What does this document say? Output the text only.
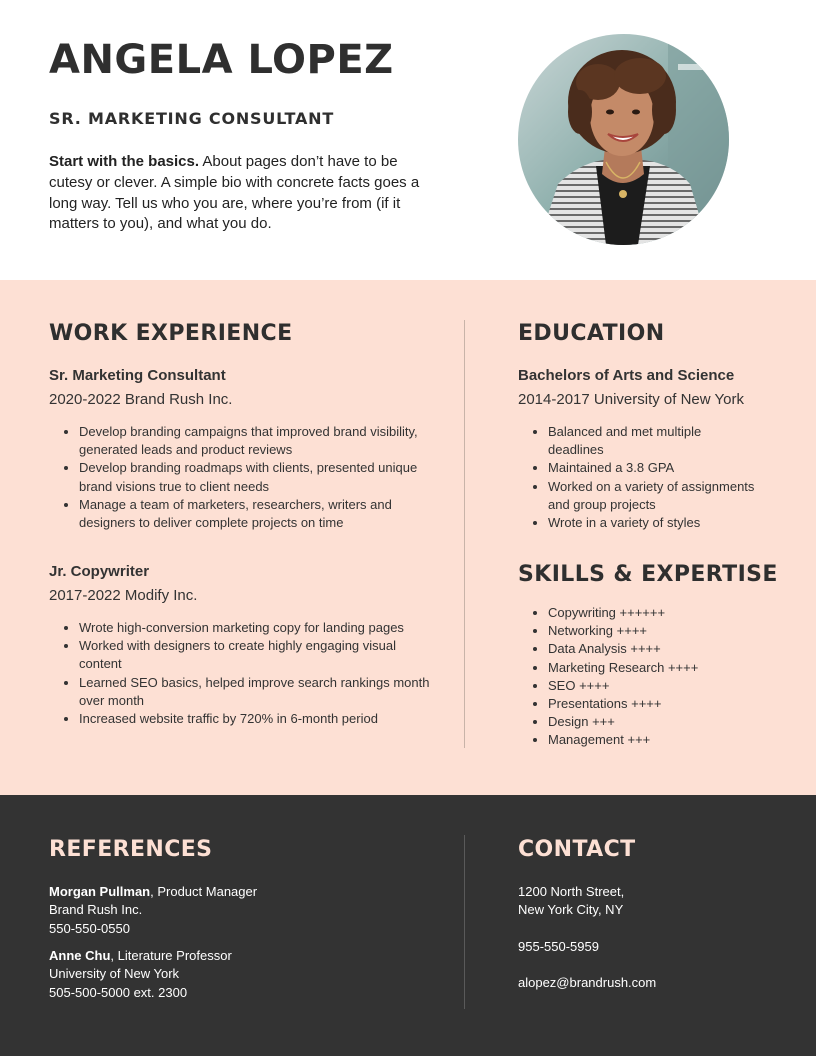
ANGELA LOPEZ
SR. MARKETING CONSULTANT

Start with the basics. About pages don’t have to be cutesy or clever. A simple bio with concrete facts goes a long way. Tell us who you are, where you’re from (if it matters to you), and what you do.

WORK EXPERIENCE

Sr. Marketing Consultant

2020-2022 Brand Rush Inc.

• Develop branding campaigns that improved brand visibility, generated leads and product reviews
• Develop branding roadmaps with clients, presented unique brand visions true to client needs
• Manage a team of marketers, researchers, writers and designers to deliver complete projects on time

Jr. Copywriter

2017-2022 Modify Inc.

• Wrote high-conversion marketing copy for landing pages
• Worked with designers to create highly engaging visual content
• Learned SEO basics, helped improve search rankings month over month
• Increased website traffic by 720% in 6-month period
EDUCATION

Bachelors of Arts and Science

2014-2017 University of New York

• Balanced and met multiple deadlines
• Maintained a 3.8 GPA
• Worked on a variety of assignments and group projects
• Wrote in a variety of styles
SKILLS & EXPERTISE
• Copywriting ++++++
• Networking ++++
• Data Analysis ++++
• Marketing Research ++++
• SEO ++++
• Presentations ++++
• Design +++
• Management +++
REFERENCES

Morgan Pullman, Product Manager
Brand Rush Inc.
550-550-0550

Anne Chu, Literature Professor
University of New York
505-500-5000 ext. 2300

CONTACT

1200 North Street,
New York City, NY

955-550-5959

alopez@brandrush.com
